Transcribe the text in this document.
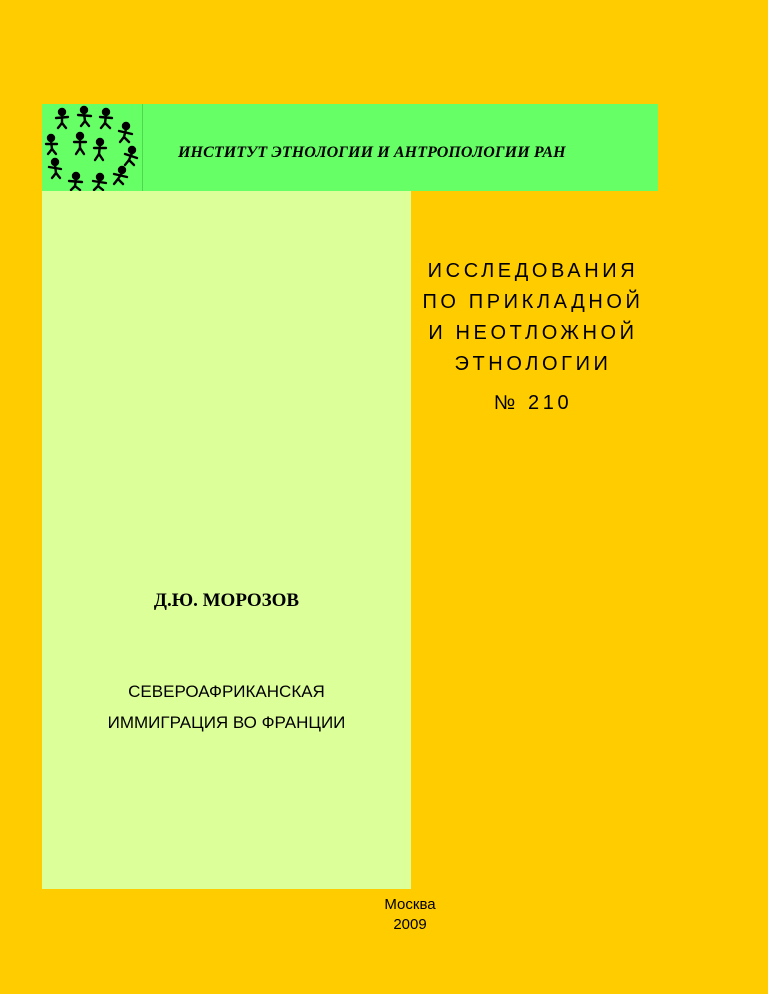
ИНСТИТУТ ЭТНОЛОГИИ И АНТРОПОЛОГИИ РАН
ИССЛЕДОВАНИЯ
ПО ПРИКЛАДНОЙ
И НЕОТЛОЖНОЙ
ЭТНОЛОГИИ
№ 210
Д.Ю. МОРОЗОВ
СЕВЕРОАФРИКАНСКАЯ
ИММИГРАЦИЯ ВО ФРАНЦИИ
Москва
2009
